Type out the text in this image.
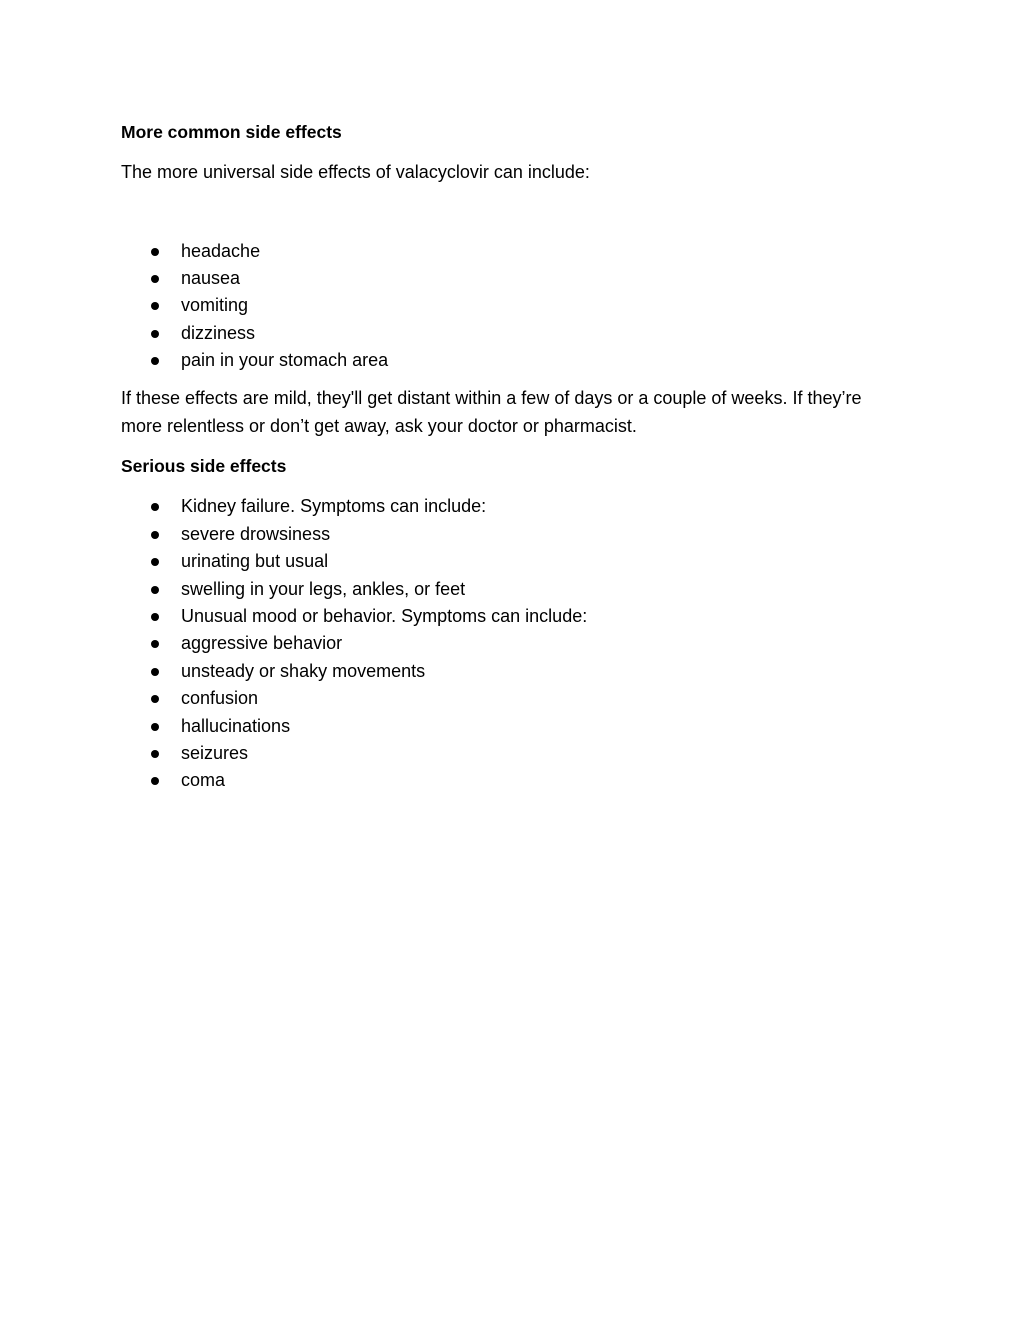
More common side effects

The more universal side effects of valacyclovir can include:

headache
nausea
vomiting
dizziness
pain in your stomach area

If these effects are mild, they'll get distant within a few of days or a couple of weeks. If they’re more relentless or don’t get away, ask your doctor or pharmacist.

Serious side effects

Kidney failure. Symptoms can include:
severe drowsiness
urinating but usual
swelling in your legs, ankles, or feet
Unusual mood or behavior. Symptoms can include:
aggressive behavior
unsteady or shaky movements
confusion
hallucinations
seizures
coma
